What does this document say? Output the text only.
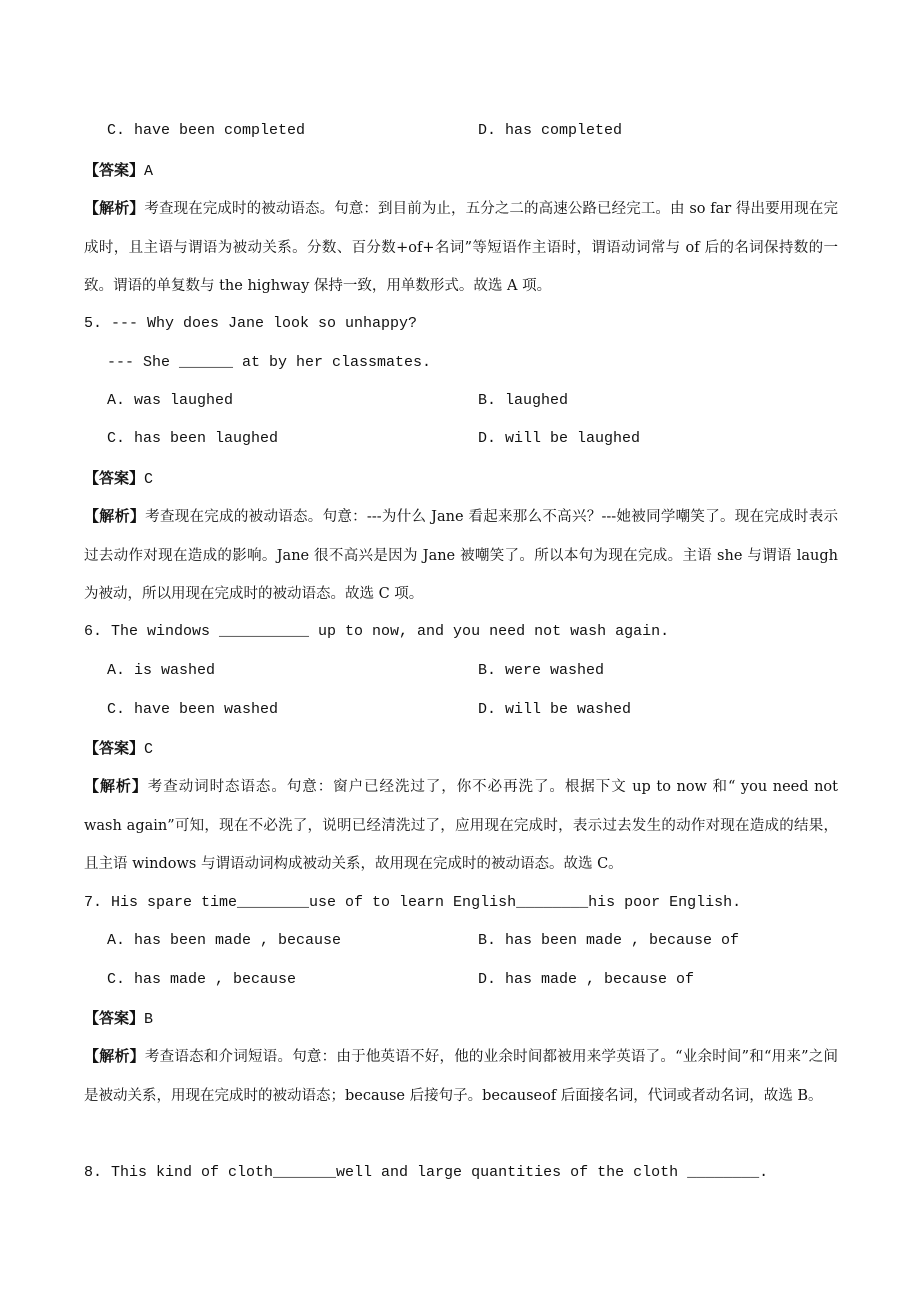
C. have been completed	D. has completed
【答案】A
【解析】考查现在完成时的被动语态。句意：到目前为止，五分之二的高速公路已经完工。由 so far 得出要用现在完成时，且主语与谓语为被动关系。分数、百分数+of+名词”等短语作主语时，谓语动词常与 of 后的名词保持数的一致。谓语的单复数与 the highway 保持一致，用单数形式。故选 A 项。
5. --- Why does Jane look so unhappy?
--- She ______ at by her classmates.
A. was laughed	B. laughed
C. has been laughed	D. will be laughed
【答案】C
【解析】考查现在完成的被动语态。句意：---为什么 Jane 看起来那么不高兴？---她被同学嘲笑了。现在完成时表示过去动作对现在造成的影响。Jane 很不高兴是因为 Jane 被嘲笑了。所以本句为现在完成。主语 she 与谓语 laugh 为被动，所以用现在完成时的被动语态。故选 C 项。
6. The windows __________ up to now, and you need not wash again.
A. is washed	B. were washed
C. have been washed	D. will be washed
【答案】C
【解析】考查动词时态语态。句意：窗户已经洗过了，你不必再洗了。根据下文 up to now 和“ you need not wash again”可知，现在不必洗了，说明已经清洗过了，应用现在完成时，表示过去发生的动作对现在造成的结果，且主语 windows 与谓语动词构成被动关系，故用现在完成时的被动语态。故选 C。
7. His spare time________use of to learn English________his poor English.
A. has been made , because	B. has been made , because of
C. has made , because	D. has made , because of
【答案】B
【解析】考查语态和介词短语。句意：由于他英语不好，他的业余时间都被用来学英语了。“业余时间”和“用来”之间是被动关系，用现在完成时的被动语态；because 后接句子。becauseof 后面接名词，代词或者动名词，故选 B。
8. This kind of cloth_______well and large quantities of the cloth ________.
